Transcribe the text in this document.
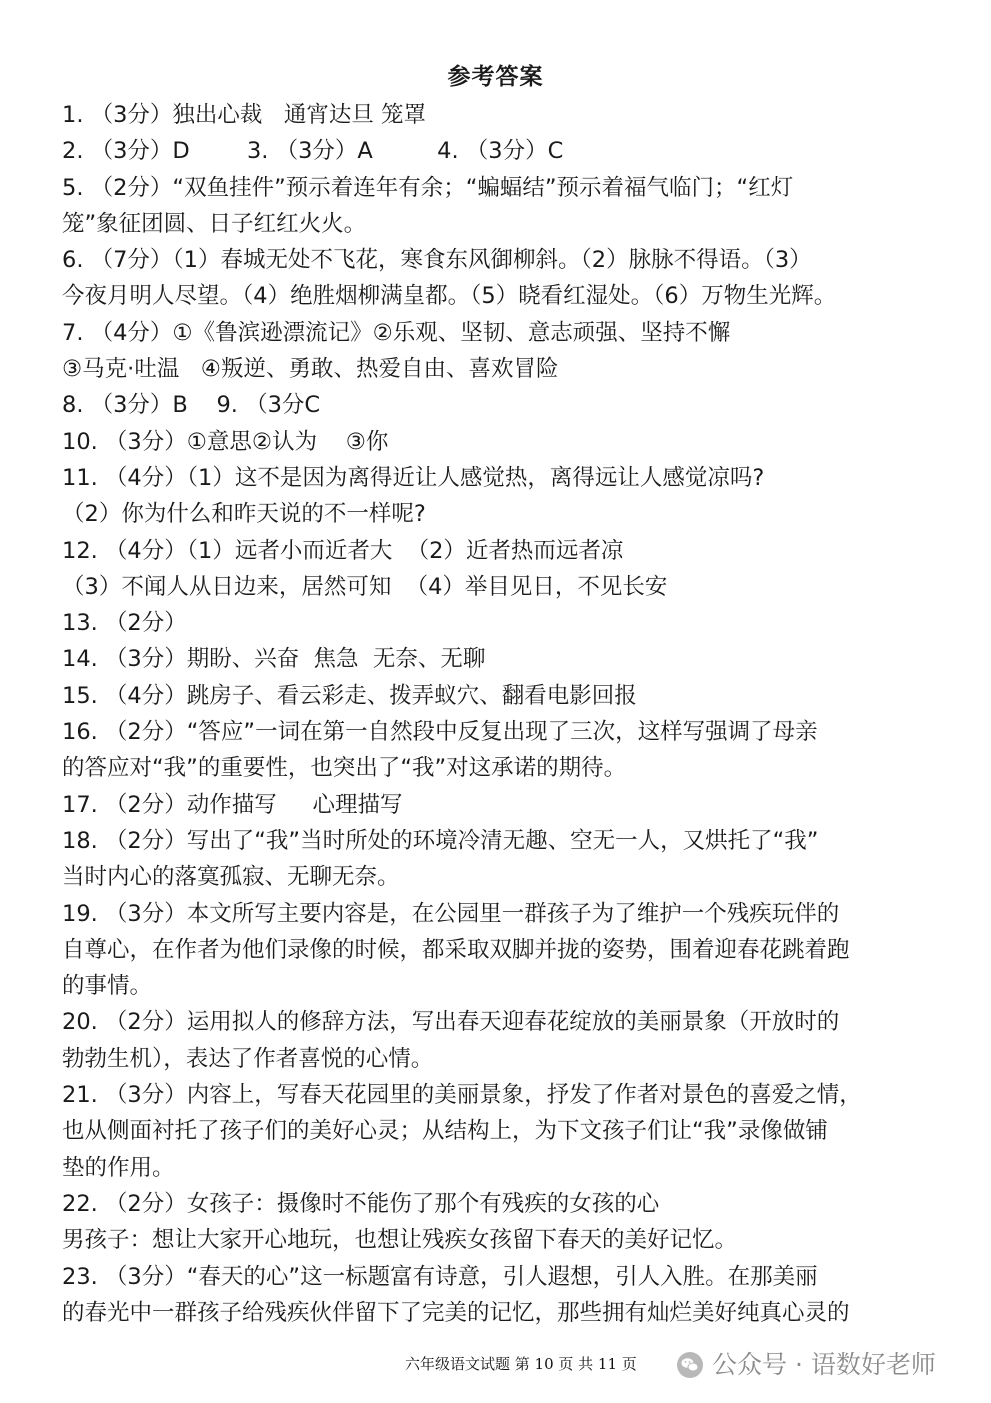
参考答案
1. （3分）独出心裁   通宵达旦 笼罩
2. （3分）D        3. （3分）A         4. （3分）C
5. （2分）“双鱼挂件”预示着连年有余；“蝙蝠结”预示着福气临门；“红灯
笼”象征团圆、日子红红火火。
6. （7分）（1）春城无处不飞花，寒食东风御柳斜。（2）脉脉不得语。（3）
今夜月明人尽望。（4）绝胜烟柳满皇都。（5）晓看红湿处。（6）万物生光辉。
7. （4分）①《鲁滨逊漂流记》②乐观、坚韧、意志顽强、坚持不懈
③马克·吐温   ④叛逆、勇敢、热爱自由、喜欢冒险
8. （3分）B    9. （3分C
10. （3分）①意思②认为    ③你
11. （4分）（1）这不是因为离得近让人感觉热，离得远让人感觉凉吗?
（2）你为什么和昨天说的不一样呢?
12. （4分）（1）远者小而近者大  （2）近者热而远者凉
（3）不闻人从日边来，居然可知  （4）举目见日，不见长安
13. （2分）
14. （3分）期盼、兴奋  焦急  无奈、无聊
15. （4分）跳房子、看云彩走、拨弄蚁穴、翻看电影回报
16. （2分）“答应”一词在第一自然段中反复出现了三次，这样写强调了母亲
的答应对“我”的重要性，也突出了“我”对这承诺的期待。
17. （2分）动作描写     心理描写
18. （2分）写出了“我”当时所处的环境冷清无趣、空无一人，又烘托了“我”
当时内心的落寞孤寂、无聊无奈。
19. （3分）本文所写主要内容是，在公园里一群孩子为了维护一个残疾玩伴的
自尊心，在作者为他们录像的时候，都采取双脚并拢的姿势，围着迎春花跳着跑
的事情。
20. （2分）运用拟人的修辞方法，写出春天迎春花绽放的美丽景象（开放时的
勃勃生机），表达了作者喜悦的心情。
21. （3分）内容上，写春天花园里的美丽景象，抒发了作者对景色的喜爱之情，
也从侧面衬托了孩子们的美好心灵；从结构上，为下文孩子们让“我”录像做铺
垫的作用。
22. （2分）女孩子：摄像时不能伤了那个有残疾的女孩的心
男孩子：想让大家开心地玩，也想让残疾女孩留下春天的美好记忆。
23. （3分）“春天的心”这一标题富有诗意，引人遐想，引人入胜。在那美丽
的春光中一群孩子给残疾伙伴留下了完美的记忆，那些拥有灿烂美好纯真心灵的
六年级语文试题 第 10 页 共 11 页	公众号 · 语数好老师
